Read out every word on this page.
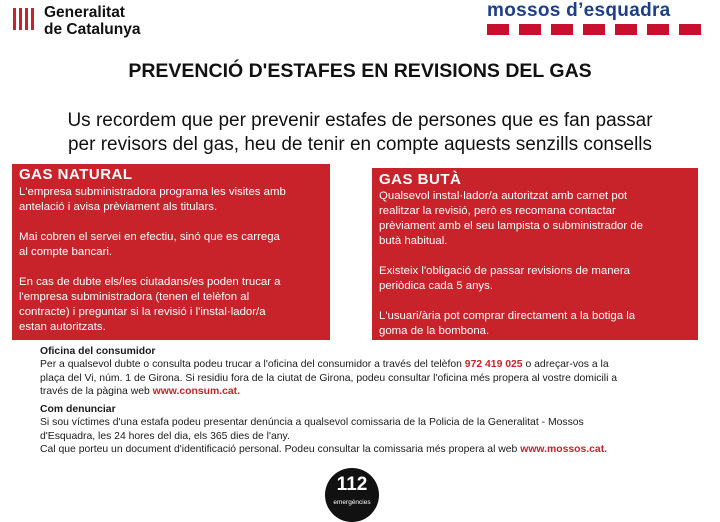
Generalitat
de Catalunya
mossos d’esquadra
PREVENCIÓ D'ESTAFES EN REVISIONS DEL GAS
Us recordem que per prevenir estafes de persones que es fan passar
per revisors del gas, heu de tenir en compte aquests senzills consells
GAS NATURAL

L'empresa subministradora programa les visites amb

antelació i avisa prèviament als titulars.

Mai cobren el servei en efectiu, sinó que es carrega

al compte bancari.

En cas de dubte els/les ciutadans/es poden trucar a

l'empresa subministradora (tenen el telèfon al

contracte) i preguntar si la revisió i l'instal·lador/a

estan autoritzats.

GAS BUTÀ

Qualsevol instal·lador/a autoritzat amb carnet pot

realitzar la revisió, però es recomana contactar

prèviament amb el seu lampista o subministrador de

butà habitual.

Existeix l'obligació de passar revisions de manera

periòdica cada 5 anys.

L'usuari/ària pot comprar directament a la botiga la

goma de la bombona.

Oficina del consumidor
Per a qualsevol dubte o consulta podeu trucar a l'oficina del consumidor a través del telèfon 972 419 025 o adreçar-vos a la
plaça del Vi, núm. 1 de Girona. Si residiu fora de la ciutat de Girona, podeu consultar l'oficina més propera al vostre domicili a
través de la pàgina web www.consum.cat.
Com denunciar
Si sou víctimes d'una estafa podeu presentar denúncia a qualsevol comissaria de la Policia de la Generalitat - Mossos
d'Esquadra, les 24 hores del dia, els 365 dies de l'any.
Cal que porteu un document d'identificació personal. Podeu consultar la comissaria més propera al web www.mossos.cat.
112
emergències
